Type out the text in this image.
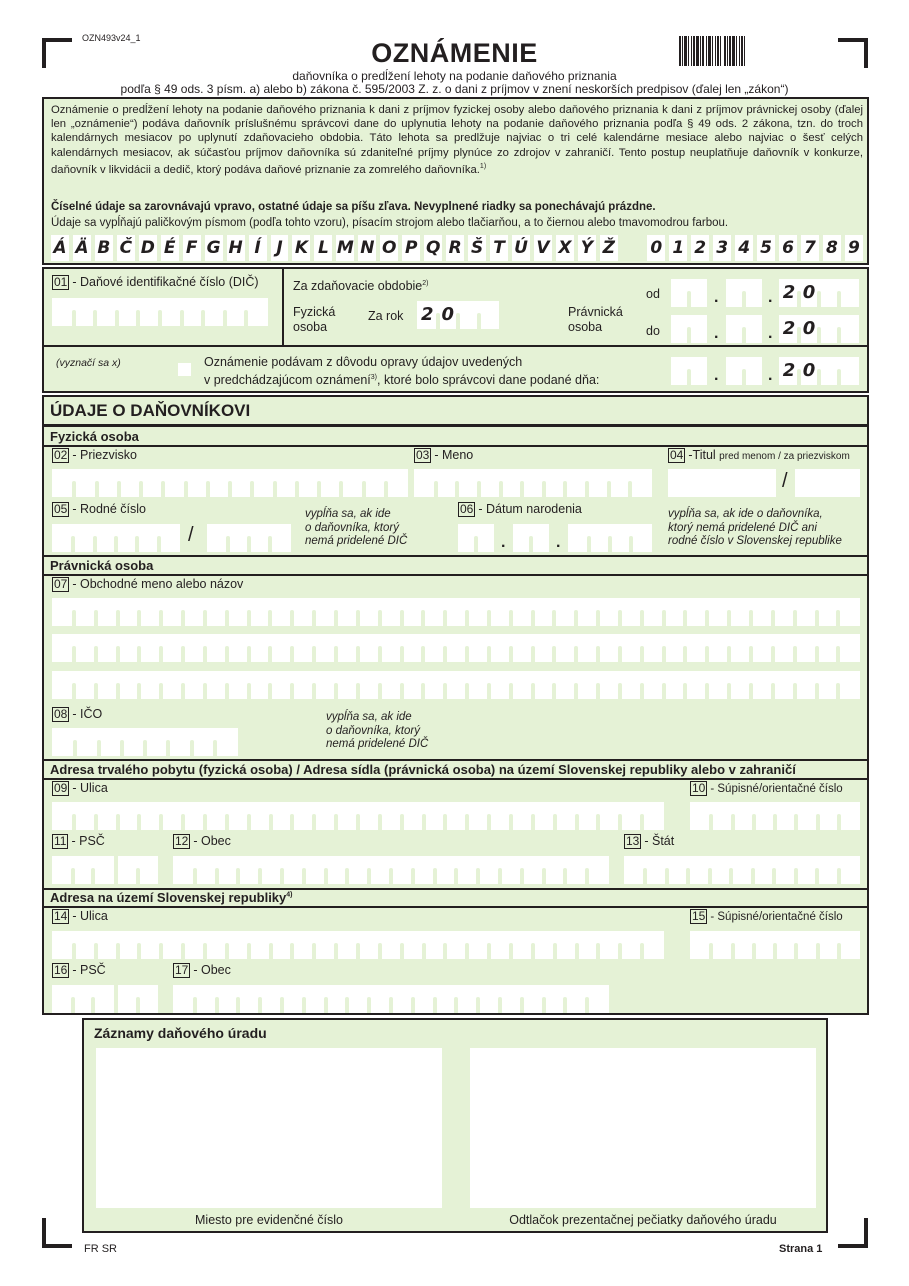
OZN493v24_1	OZNÁMENIE
daňovníka o predĺžení lehoty na podanie daňového priznania
podľa § 49 ods. 3 písm. a) alebo b) zákona č. 595/2003 Z. z. o dani z príjmov v znení neskorších predpisov (ďalej len „zákon“)
Oznámenie o predĺžení lehoty na podanie daňového priznania k dani z príjmov fyzickej osoby alebo daňového priznania k dani z príjmov právnickej osoby (ďalej len „oznámenie“) podáva daňovník príslušnému správcovi dane do uplynutia lehoty na podanie daňového priznania podľa § 49 ods. 2 zákona, tzn. do troch kalendárnych mesiacov po uplynutí zdaňovacieho obdobia. Táto lehota sa predlžuje najviac o tri celé kalendárne mesiace alebo najviac o šesť celých kalendárnych mesiacov, ak súčasťou príjmov daňovníka sú zdaniteľné príjmy plynúce zo zdrojov v zahraničí. Tento postup neuplatňuje daňovník v konkurze, daňovník v likvidácii a dedič, ktorý podáva daňové priznanie za zomrelého daňovníka.$^{1)}$
Číselné údaje sa zarovnávajú vpravo, ostatné údaje sa píšu zľava. Nevyplnené riadky sa ponechávajú prázdne.
Údaje sa vypĺňajú paličkovým písmom (podľa tohto vzoru), písacím strojom alebo tlačiarňou, a to čiernou alebo tmavomodrou farbou.
Á Ä B Č D É F G H Í J K L M N O P Q R Š T Ú V X Ý Ž 0 1 2 3 4 5 6 7 8 9
01 - Daňové identifikačné číslo (DIČ)	Za zdaňovacie obdobie$^{2)}$
Fyzická
osoba
Za rok 2 0	Právnická
osoba
od	.	. 2 0
do	.	. 2 0
(vyznačí sa x)	Oznámenie podávam z dôvodu opravy údajov uvedených
v predchádzajúcom oznámení$^{3)}$, ktoré bolo správcovi dane podané dňa:	.	. 2 0
ÚDAJE O DAŇOVNÍKOVI
Fyzická osoba
02 - Priezvisko	03 - Meno	04 -Titul pred menom / za priezviskom
/
05 - Rodné číslo
/
vypĺňa sa, ak ide
o daňovníka, ktorý
nemá pridelené DIČ
06 - Dátum narodenia
.	.
vypĺňa sa, ak ide o daňovníka,
ktorý nemá pridelené DIČ ani
rodné číslo v Slovenskej republike
Právnická osoba
07 - Obchodné meno alebo názov
08 - IČO	vypĺňa sa, ak ide
o daňovníka, ktorý
nemá pridelené DIČ
Adresa trvalého pobytu (fyzická osoba) / Adresa sídla (právnická osoba) na území Slovenskej republiky alebo v zahraničí
09 - Ulica	10 - Súpisné/orientačné číslo
11 - PSČ	12 - Obec	13 - Štát
Adresa na území Slovenskej republiky$^{4)}$
14 - Ulica	15 - Súpisné/orientačné číslo
16 - PSČ	17 - Obec
Záznamy daňového úradu
Miesto pre evidenčné číslo	Odtlačok prezentačnej pečiatky daňového úradu
FR SR	Strana 1
